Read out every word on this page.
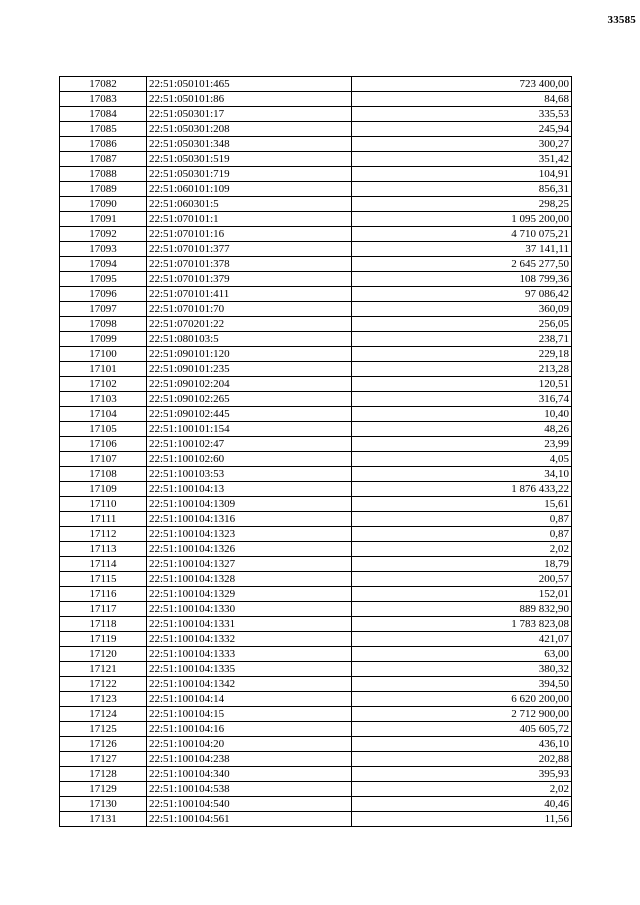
33585
17082	22:51:050101:465	723 400,00
17083	22:51:050101:86	84,68
17084	22:51:050301:17	335,53
17085	22:51:050301:208	245,94
17086	22:51:050301:348	300,27
17087	22:51:050301:519	351,42
17088	22:51:050301:719	104,91
17089	22:51:060101:109	856,31
17090	22:51:060301:5	298,25
17091	22:51:070101:1	1 095 200,00
17092	22:51:070101:16	4 710 075,21
17093	22:51:070101:377	37 141,11
17094	22:51:070101:378	2 645 277,50
17095	22:51:070101:379	108 799,36
17096	22:51:070101:411	97 086,42
17097	22:51:070101:70	360,09
17098	22:51:070201:22	256,05
17099	22:51:080103:5	238,71
17100	22:51:090101:120	229,18
17101	22:51:090101:235	213,28
17102	22:51:090102:204	120,51
17103	22:51:090102:265	316,74
17104	22:51:090102:445	10,40
17105	22:51:100101:154	48,26
17106	22:51:100102:47	23,99
17107	22:51:100102:60	4,05
17108	22:51:100103:53	34,10
17109	22:51:100104:13	1 876 433,22
17110	22:51:100104:1309	15,61
17111	22:51:100104:1316	0,87
17112	22:51:100104:1323	0,87
17113	22:51:100104:1326	2,02
17114	22:51:100104:1327	18,79
17115	22:51:100104:1328	200,57
17116	22:51:100104:1329	152,01
17117	22:51:100104:1330	889 832,90
17118	22:51:100104:1331	1 783 823,08
17119	22:51:100104:1332	421,07
17120	22:51:100104:1333	63,00
17121	22:51:100104:1335	380,32
17122	22:51:100104:1342	394,50
17123	22:51:100104:14	6 620 200,00
17124	22:51:100104:15	2 712 900,00
17125	22:51:100104:16	405 605,72
17126	22:51:100104:20	436,10
17127	22:51:100104:238	202,88
17128	22:51:100104:340	395,93
17129	22:51:100104:538	2,02
17130	22:51:100104:540	40,46
17131	22:51:100104:561	11,56
